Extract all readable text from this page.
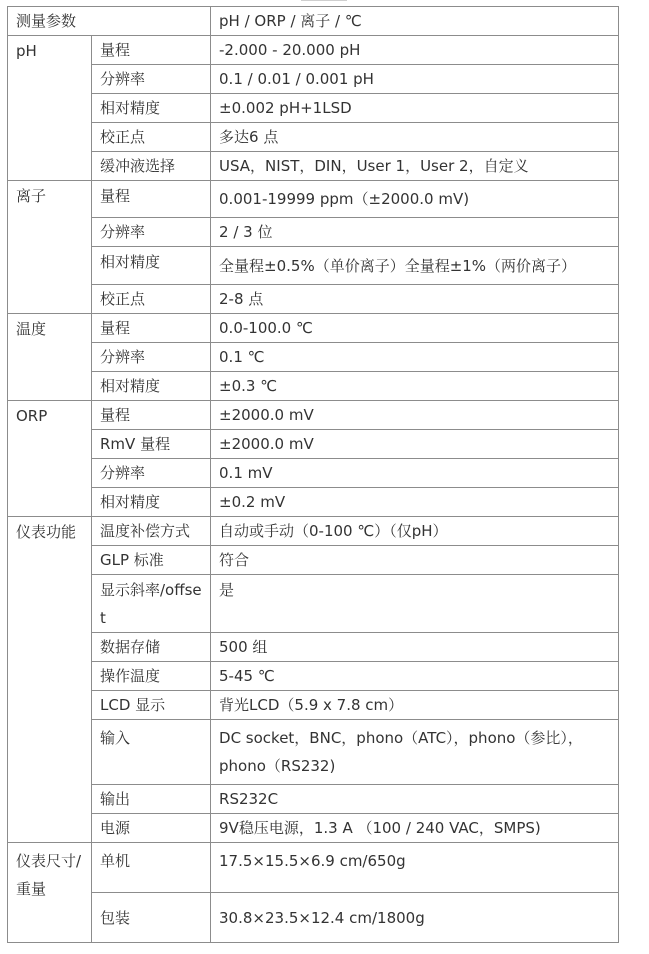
测量参数		pH / ORP / 离子 / ℃
pH	量程	-2.000 - 20.000 pH
	分辨率	0.1 / 0.01 / 0.001 pH
	相对精度	±0.002 pH+1LSD
	校正点	多达6 点
	缓冲液选择	USA，NIST，DIN，User 1，User 2，自定义
离子	量程	0.001-19999 ppm（±2000.0 mV)
	分辨率	2 / 3 位
	相对精度	全量程±0.5%（单价离子）全量程±1%（两价离子）
	校正点	2-8 点
温度	量程	0.0-100.0 ℃
	分辨率	0.1 ℃
	相对精度	±0.3 ℃
ORP	量程	±2000.0 mV
	RmV 量程	±2000.0 mV
	分辨率	0.1 mV
	相对精度	±0.2 mV
仪表功能	温度补偿方式	自动或手动（0-100 ℃）（仅pH）
	GLP 标准	符合
	显示斜率/offset	是
	数据存储	500 组
	操作温度	5-45 ℃
	LCD 显示	背光LCD（5.9 x 7.8 cm）
	输入	DC socket，BNC，phono（ATC），phono（参比），phono（RS232)
	输出	RS232C
	电源	9V稳压电源，1.3 A （100 / 240 VAC，SMPS)
仪表尺寸/ 重量	单机	17.5×15.5×6.9 cm/650g
	包装	30.8×23.5×12.4 cm/1800g
